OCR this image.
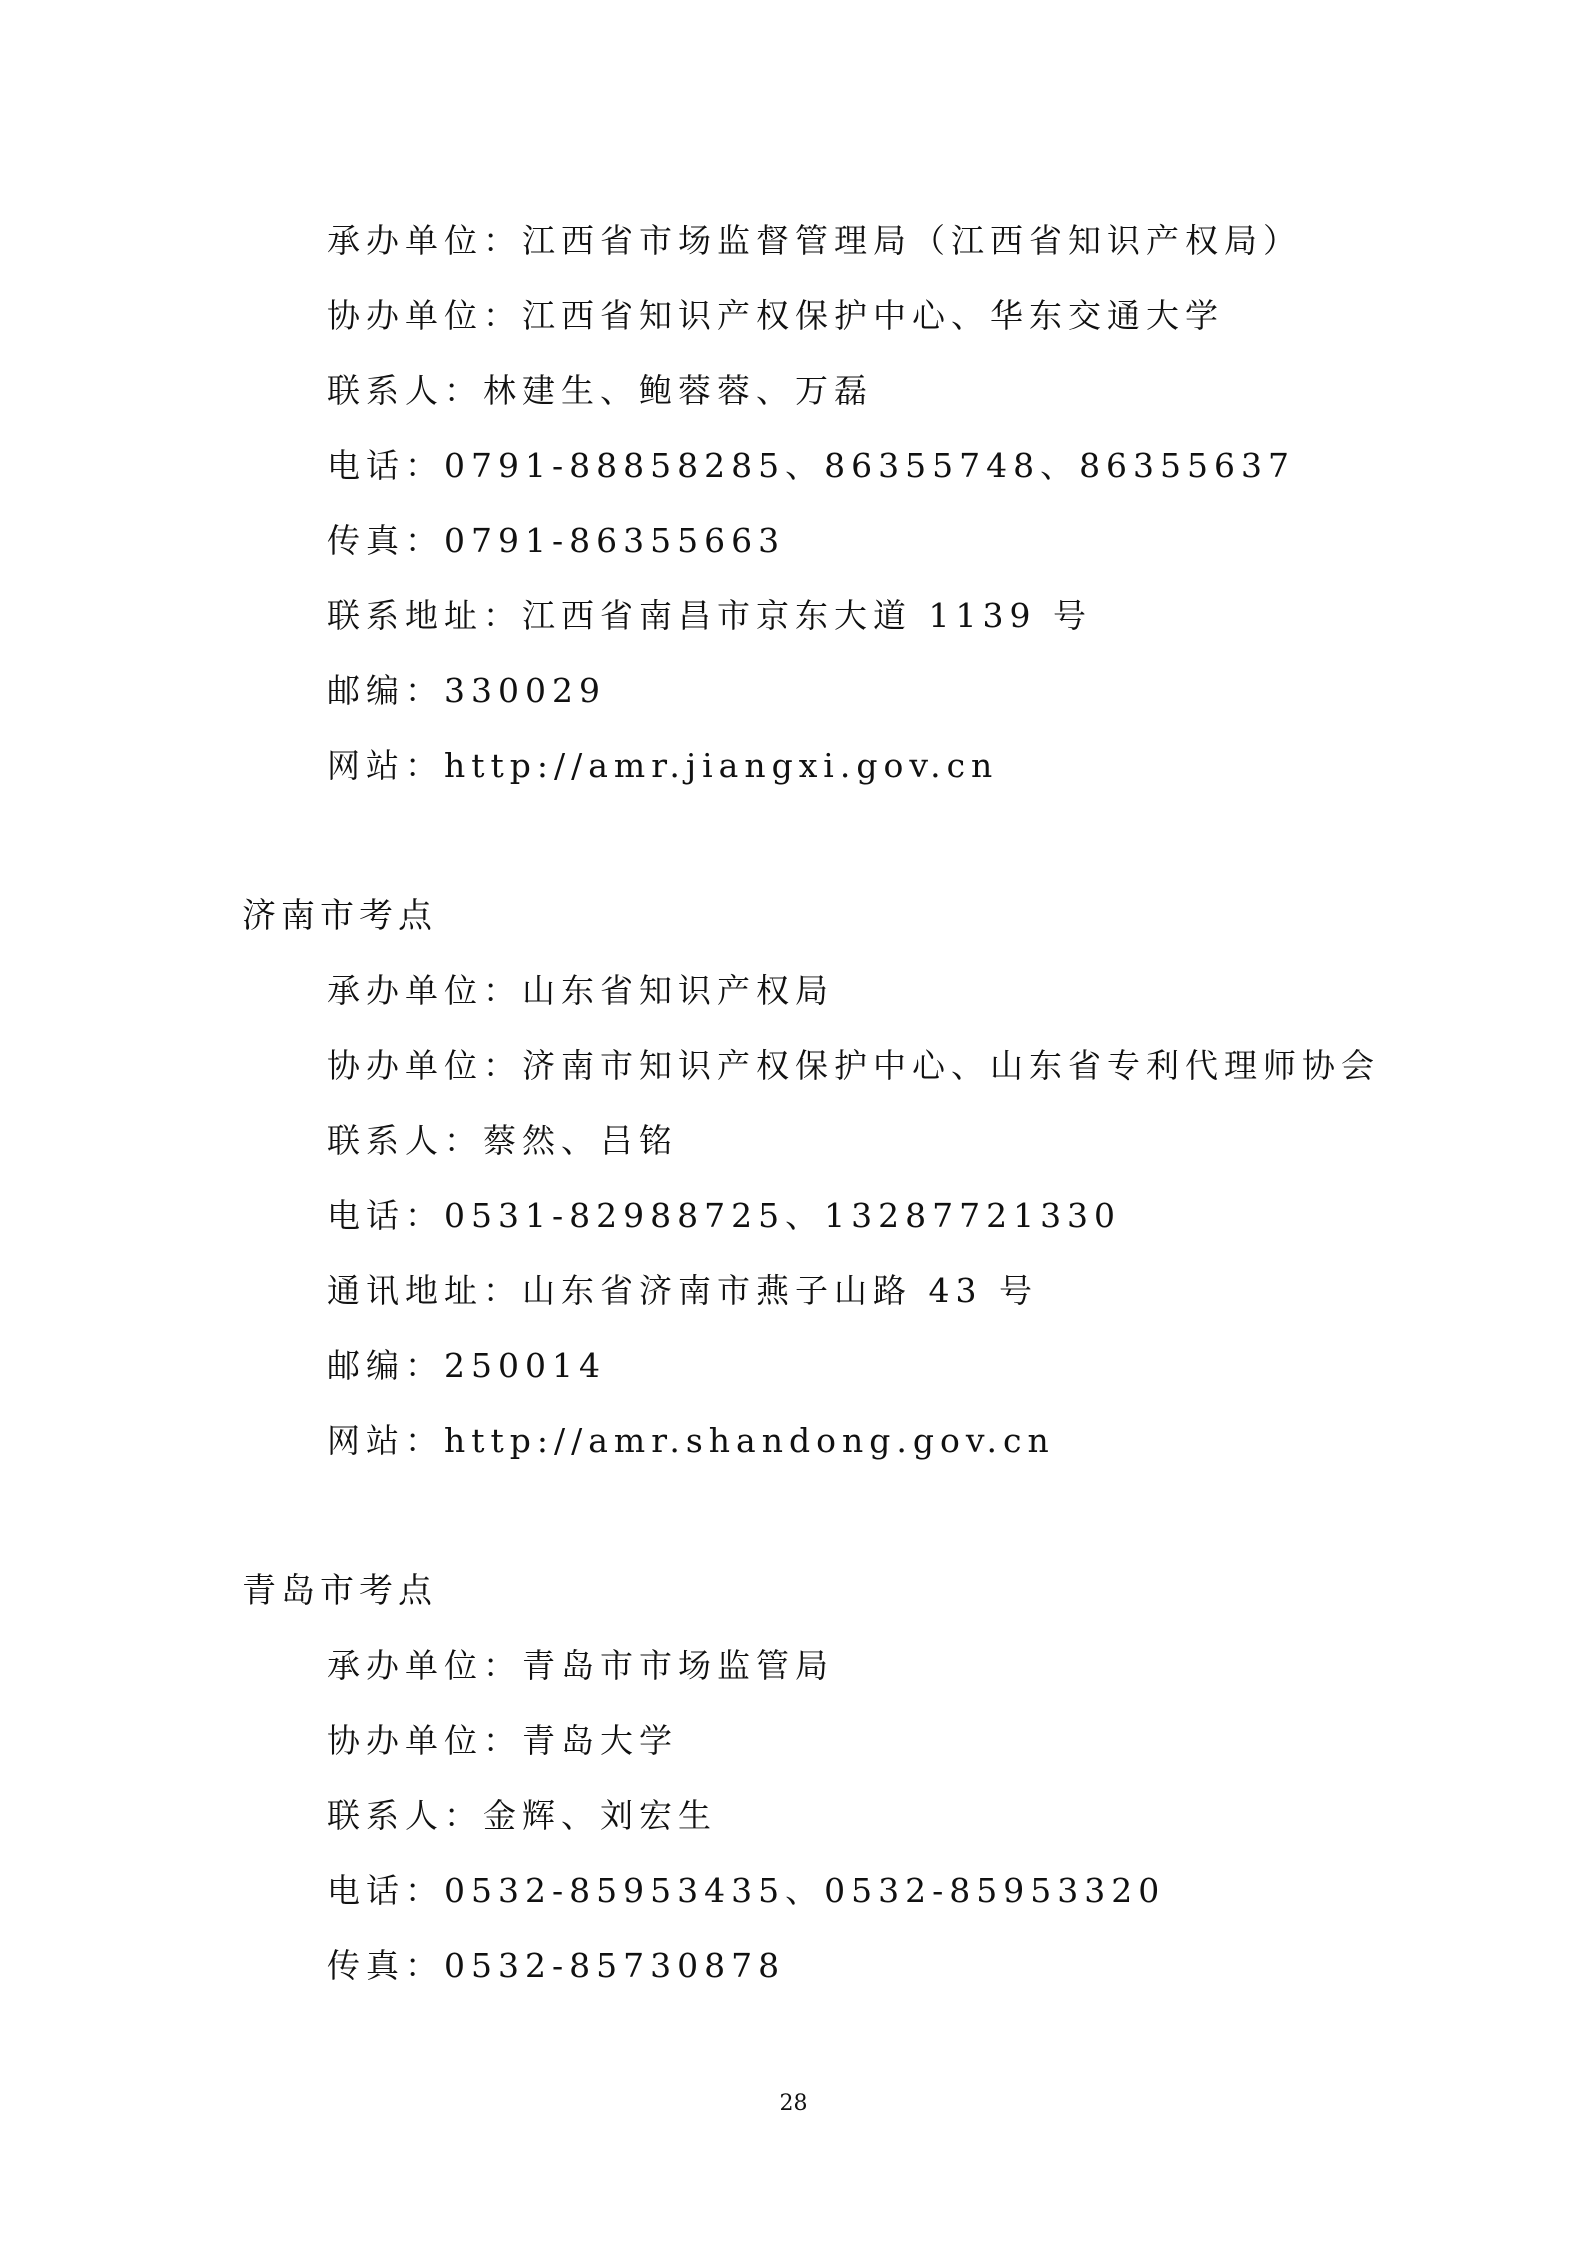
承办单位：江西省市场监督管理局（江西省知识产权局）
协办单位：江西省知识产权保护中心、华东交通大学
联系人：林建生、鲍蓉蓉、万磊
电话：0791-88858285、86355748、86355637
传真：0791-86355663
联系地址：江西省南昌市京东大道 1139 号
邮编：330029
网站：http://amr.jiangxi.gov.cn
济南市考点
承办单位：山东省知识产权局
协办单位：济南市知识产权保护中心、山东省专利代理师协会
联系人：蔡然、吕铭
电话：0531-82988725、13287721330
通讯地址：山东省济南市燕子山路 43 号
邮编：250014
网站：http://amr.shandong.gov.cn
青岛市考点
承办单位：青岛市市场监管局
协办单位：青岛大学
联系人：金辉、刘宏生
电话：0532-85953435、0532-85953320
传真：0532-85730878
28
